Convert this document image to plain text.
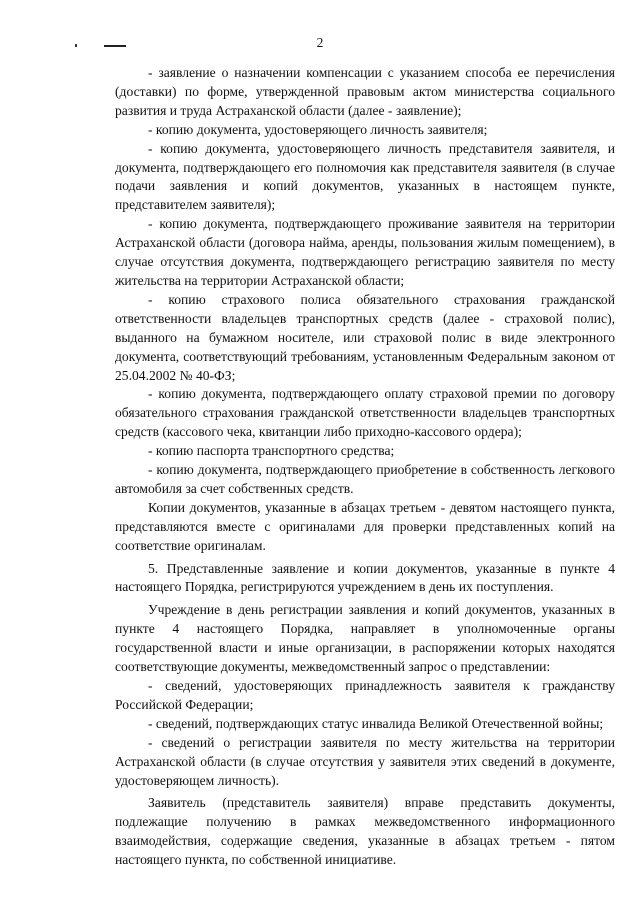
2

- заявление о назначении компенсации с указанием способа ее перечисления (доставки) по форме, утвержденной правовым актом министерства социального развития и труда Астраханской области (далее - заявление);

- копию документа, удостоверяющего личность заявителя;

- копию документа, удостоверяющего личность представителя заявителя, и документа, подтверждающего его полномочия как представителя заявителя (в случае подачи заявления и копий документов, указанных в настоящем пункте, представителем заявителя);

- копию документа, подтверждающего проживание заявителя на территории Астраханской области (договора найма, аренды, пользования жилым помещением), в случае отсутствия документа, подтверждающего регистрацию заявителя по месту жительства на территории Астраханской области;

- копию страхового полиса обязательного страхования гражданской ответственности владельцев транспортных средств (далее - страховой полис), выданного на бумажном носителе, или страховой полис в виде электронного документа, соответствующий требованиям, установленным Федеральным законом от 25.04.2002 № 40-ФЗ;

- копию документа, подтверждающего оплату страховой премии по договору обязательного страхования гражданской ответственности владельцев транспортных средств (кассового чека, квитанции либо приходно-кассового ордера);

- копию паспорта транспортного средства;

- копию документа, подтверждающего приобретение в собственность легкового автомобиля за счет собственных средств.

Копии документов, указанные в абзацах третьем - девятом настоящего пункта, представляются вместе с оригиналами для проверки представленных копий на соответствие оригиналам.

5. Представленные заявление и копии документов, указанные в пункте 4 настоящего Порядка, регистрируются учреждением в день их поступления.

Учреждение в день регистрации заявления и копий документов, указанных в пункте 4 настоящего Порядка, направляет в уполномоченные органы государственной власти и иные организации, в распоряжении которых находятся соответствующие документы, межведомственный запрос о представлении:

- сведений, удостоверяющих принадлежность заявителя к гражданству Российской Федерации;

- сведений, подтверждающих статус инвалида Великой Отечественной войны;

- сведений о регистрации заявителя по месту жительства на территории Астраханской области (в случае отсутствия у заявителя этих сведений в документе, удостоверяющем личность).

Заявитель (представитель заявителя) вправе представить документы, подлежащие получению в рамках межведомственного информационного взаимодействия, содержащие сведения, указанные в абзацах третьем - пятом настоящего пункта, по собственной инициативе.
